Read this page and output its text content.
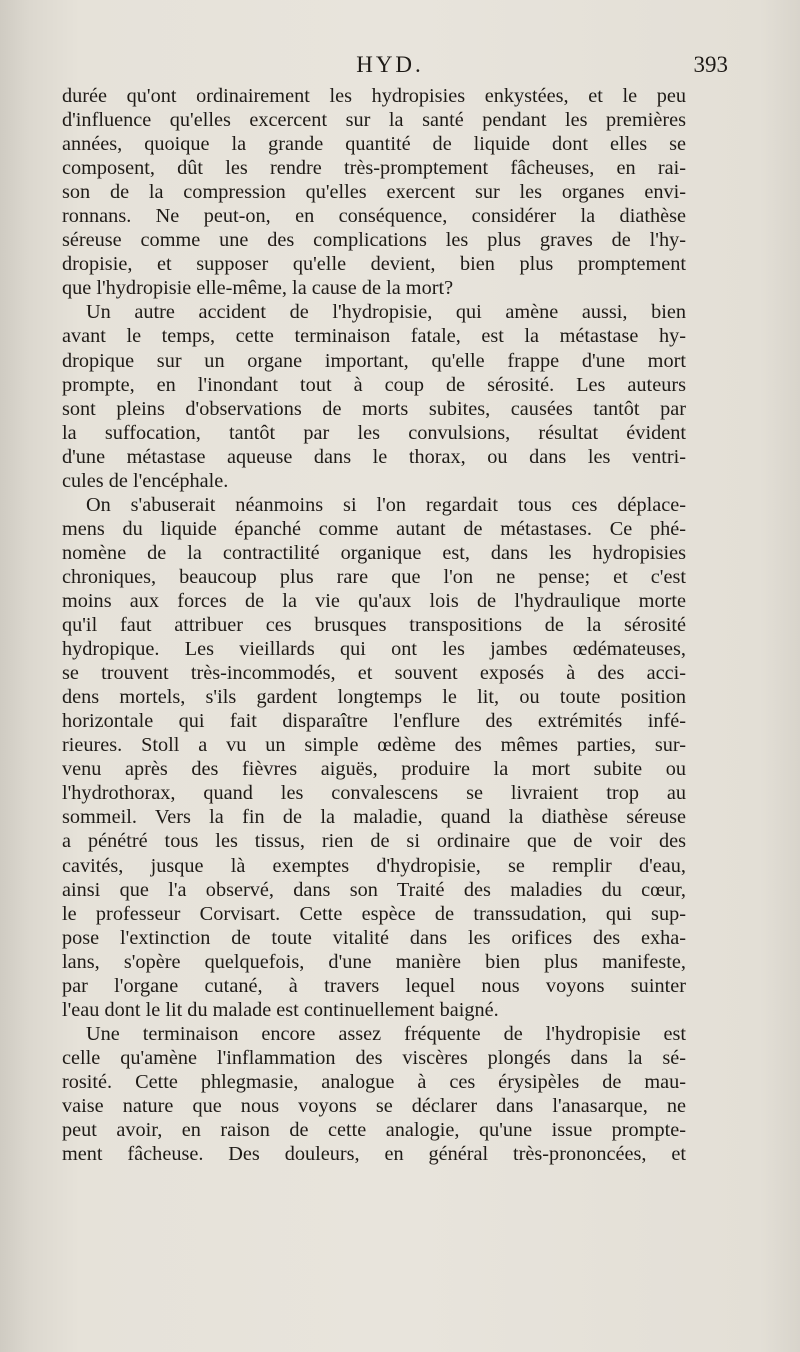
HYD.	393
durée qu'ont ordinairement les hydropisies enkystées, et le peu
d'influence qu'elles excercent sur la santé pendant les premières
années, quoique la grande quantité de liquide dont elles se
composent, dût les rendre très-promptement fâcheuses, en rai-
son de la compression qu'elles exercent sur les organes envi-
ronnans. Ne peut-on, en conséquence, considérer la diathèse
séreuse comme une des complications les plus graves de l'hy-
dropisie, et supposer qu'elle devient, bien plus promptement
que l'hydropisie elle-même, la cause de la mort?
Un autre accident de l'hydropisie, qui amène aussi, bien
avant le temps, cette terminaison fatale, est la métastase hy-
dropique sur un organe important, qu'elle frappe d'une mort
prompte, en l'inondant tout à coup de sérosité. Les auteurs
sont pleins d'observations de morts subites, causées tantôt par
la suffocation, tantôt par les convulsions, résultat évident
d'une métastase aqueuse dans le thorax, ou dans les ventri-
cules de l'encéphale.
On s'abuserait néanmoins si l'on regardait tous ces déplace-
mens du liquide épanché comme autant de métastases. Ce phé-
nomène de la contractilité organique est, dans les hydropisies
chroniques, beaucoup plus rare que l'on ne pense; et c'est
moins aux forces de la vie qu'aux lois de l'hydraulique morte
qu'il faut attribuer ces brusques transpositions de la sérosité
hydropique. Les vieillards qui ont les jambes œdémateuses,
se trouvent très-incommodés, et souvent exposés à des acci-
dens mortels, s'ils gardent longtemps le lit, ou toute position
horizontale qui fait disparaître l'enflure des extrémités infé-
rieures. Stoll a vu un simple œdème des mêmes parties, sur-
venu après des fièvres aiguës, produire la mort subite ou
l'hydrothorax, quand les convalescens se livraient trop au
sommeil. Vers la fin de la maladie, quand la diathèse séreuse
a pénétré tous les tissus, rien de si ordinaire que de voir des
cavités, jusque là exemptes d'hydropisie, se remplir d'eau,
ainsi que l'a observé, dans son Traité des maladies du cœur,
le professeur Corvisart. Cette espèce de transsudation, qui sup-
pose l'extinction de toute vitalité dans les orifices des exha-
lans, s'opère quelquefois, d'une manière bien plus manifeste,
par l'organe cutané, à travers lequel nous voyons suinter
l'eau dont le lit du malade est continuellement baigné.
Une terminaison encore assez fréquente de l'hydropisie est
celle qu'amène l'inflammation des viscères plongés dans la sé-
rosité. Cette phlegmasie, analogue à ces érysipèles de mau-
vaise nature que nous voyons se déclarer dans l'anasarque, ne
peut avoir, en raison de cette analogie, qu'une issue prompte-
ment fâcheuse. Des douleurs, en général très-prononcées, et
